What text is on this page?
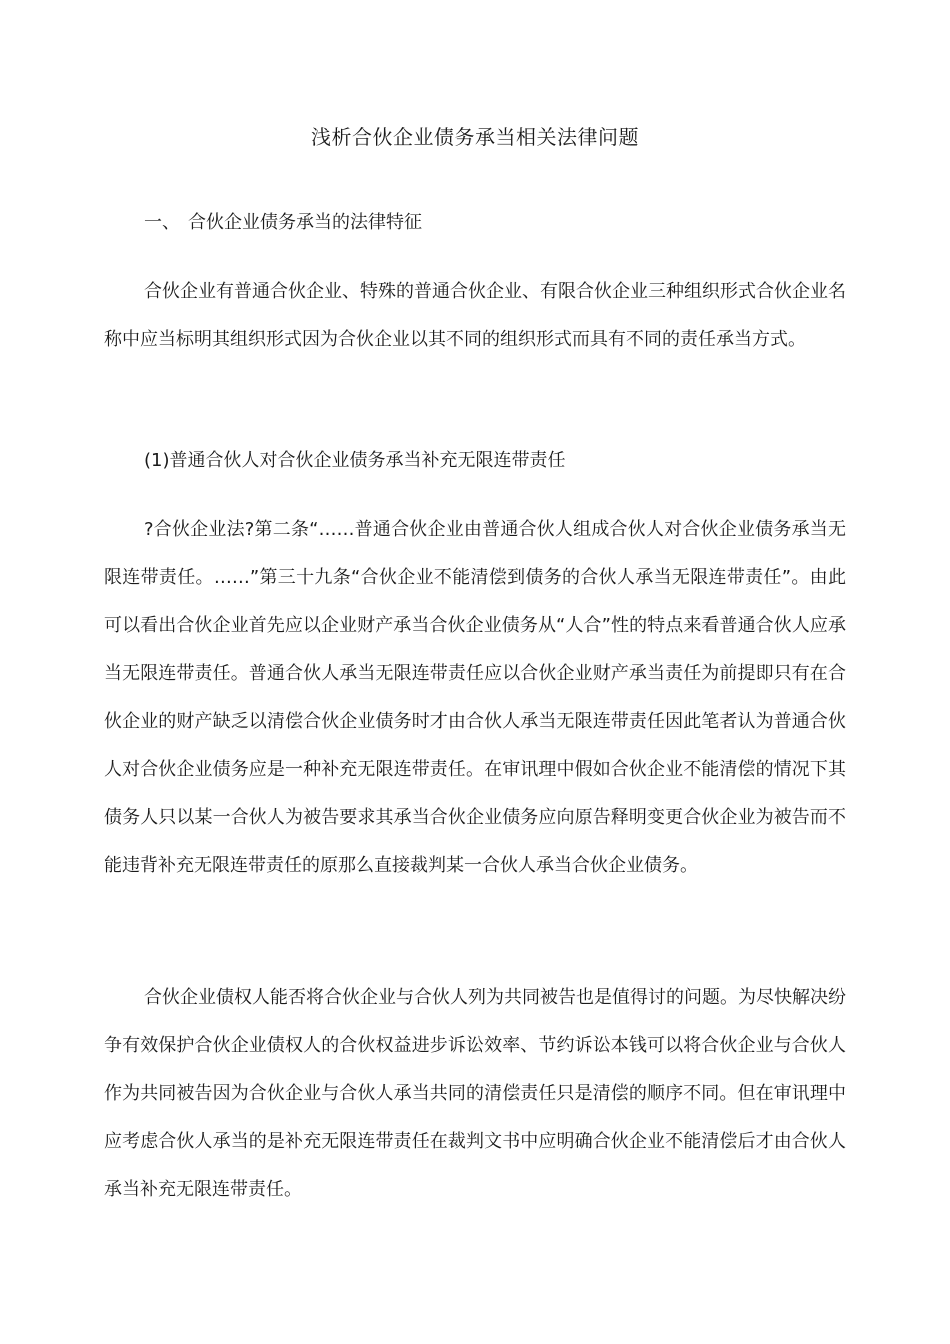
浅析合伙企业债务承当相关法律问题
一、 合伙企业债务承当的法律特征
合伙企业有普通合伙企业、特殊的普通合伙企业、有限合伙企业三种组织形式合伙企业名称中应当标明其组织形式因为合伙企业以其不同的组织形式而具有不同的责任承当方式。
(1)普通合伙人对合伙企业债务承当补充无限连带责任
?合伙企业法?第二条“……普通合伙企业由普通合伙人组成合伙人对合伙企业债务承当无限连带责任。……”第三十九条“合伙企业不能清偿到债务的合伙人承当无限连带责任”。由此可以看出合伙企业首先应以企业财产承当合伙企业债务从“人合”性的特点来看普通合伙人应承当无限连带责任。普通合伙人承当无限连带责任应以合伙企业财产承当责任为前提即只有在合伙企业的财产缺乏以清偿合伙企业债务时才由合伙人承当无限连带责任因此笔者认为普通合伙人对合伙企业债务应是一种补充无限连带责任。在审讯理中假如合伙企业不能清偿的情况下其债务人只以某一合伙人为被告要求其承当合伙企业债务应向原告释明变更合伙企业为被告而不能违背补充无限连带责任的原那么直接裁判某一合伙人承当合伙企业债务。
合伙企业债权人能否将合伙企业与合伙人列为共同被告也是值得讨的问题。为尽快解决纷争有效保护合伙企业债权人的合伙权益进步诉讼效率、节约诉讼本钱可以将合伙企业与合伙人作为共同被告因为合伙企业与合伙人承当共同的清偿责任只是清偿的顺序不同。但在审讯理中应考虑合伙人承当的是补充无限连带责任在裁判文书中应明确合伙企业不能清偿后才由合伙人承当补充无限连带责任。
